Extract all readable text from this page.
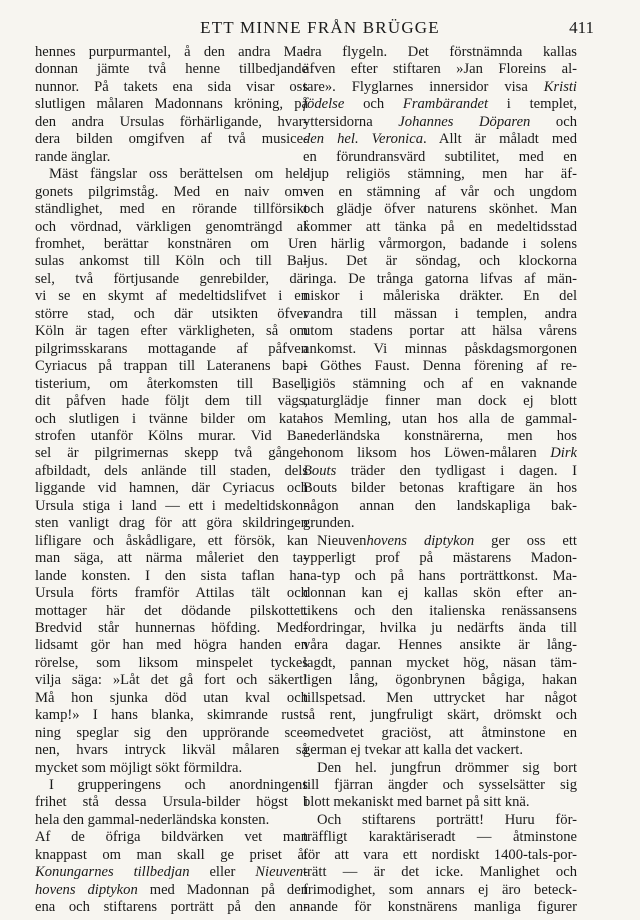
ETT MINNE FRÅN BRÜGGE	411
hennes purpurmantel, å den andra Ma-
donnan jämte två henne tillbedjande
nunnor. På takets ena sida visar oss
slutligen målaren Madonnans kröning, på
den andra Ursulas förhärligande, hvar-
dera bilden omgifven af två musice-
rande änglar.
Mäst fängslar oss berättelsen om hel-
gonets pilgrimståg. Med en naiv om-
ständlighet, med en rörande tillförsikt
och vördnad, värkligen genomträngd af
fromhet, berättar konstnären om Ur-
sulas ankomst till Köln och till Ba-
sel, två förtjusande genrebilder, där
vi se en skymt af medeltidslifvet i en
större stad, och där utsikten öfver
Köln är tagen efter värkligheten, så om
pilgrimsskarans mottagande af påfven
Cyriacus på trappan till Lateranens bap-
tisterium, om återkomsten till Basel,
dit påfven hade följt dem till vägs,
och slutligen i tvänne bilder om kata-
strofen utanför Kölns murar. Vid Ba-
sel är pilgrimernas skepp två gånger
afbildadt, dels anlände till staden, dels
liggande vid hamnen, där Cyriacus och
Ursula stiga i land — ett i medeltidskon-
sten vanligt drag för att göra skildringen
lifligare och åskådligare, ett försök, kan
man säga, att närma måleriet den ta-
lande konsten. I den sista taflan har
Ursula förts framför Attilas tält och
mottager här det dödande pilskottet.
Bredvid står hunnernas höfding. Med-
lidsamt gör han med högra handen en
rörelse, som liksom minspelet tyckes
vilja säga: »Låt det gå fort och säkert!
Må hon sjunka död utan kval och
kamp!» I hans blanka, skimrande rust-
ning speglar sig den upprörande sce-
nen, hvars intryck likväl målaren så
mycket som möjligt sökt förmildra.
I grupperingens och anordningens
frihet stå dessa Ursula-bilder högst i
hela den gammal-nederländska konsten.
Af de öfriga bildvärken vet man
knappast om man skall ge priset åt
Konungarnes tillbedjan eller Nieuven-
hovens diptykon med Madonnan på den
ena och stiftarens porträtt på den an-
dra flygeln. Det förstnämnda kallas
äfven efter stiftaren »Jan Floreins al-
tare». Flyglarnes innersidor visa Kristi
födelse och Frambärandet i templet,
yttersidorna Johannes Döparen och
den hel. Veronica. Allt är måladt med
en förundransvärd subtilitet, med en
djup religiös stämning, men har äf-
ven en stämning af vår och ungdom
och glädje öfver naturens skönhet. Man
kommer att tänka på en medeltidsstad
en härlig vårmorgon, badande i solens
ljus. Det är söndag, och klockorna
ringa. De trånga gatorna lifvas af män-
niskor i måleriska dräkter. En del
vandra till mässan i templen, andra
utom stadens portar att hälsa vårens
ankomst. Vi minnas påskdagsmorgonen
i Göthes Faust. Denna förening af re-
ligiös stämning och af en vaknande
naturglädje finner man dock ej blott
hos Memling, utan hos alla de gammal-
nederländska konstnärerna, men hos
honom liksom hos Löwen-målaren Dirk
Bouts träder den tydligast i dagen. I
Bouts bilder betonas kraftigare än hos
någon annan den landskapliga bak-
grunden.
Nieuvenhovens diptykon ger oss ett
ypperligt prof på mästarens Madon-
na-typ och på hans porträttkonst. Ma-
donnan kan ej kallas skön efter an-
tikens och den italienska renässansens
fordringar, hvilka ju nedärfts ända till
våra dagar. Hennes ansikte är lång-
lagdt, pannan mycket hög, näsan täm-
ligen lång, ögonbrynen bågiga, hakan
tillspetsad. Men uttrycket har något
så rent, jungfruligt skärt, drömskt och
omedvetet graciöst, att åtminstone en
german ej tvekar att kalla det vackert.
Den hel. jungfrun drömmer sig bort
till fjärran ängder och sysselsätter sig
blott mekaniskt med barnet på sitt knä.
Och stiftarens porträtt! Huru för-
träffligt karaktäriseradt — åtminstone
för att vara ett nordiskt 1400-tals-por-
trätt — är det icke. Manlighet och
frimodighet, som annars ej äro beteck-
nande för konstnärens manliga figurer
